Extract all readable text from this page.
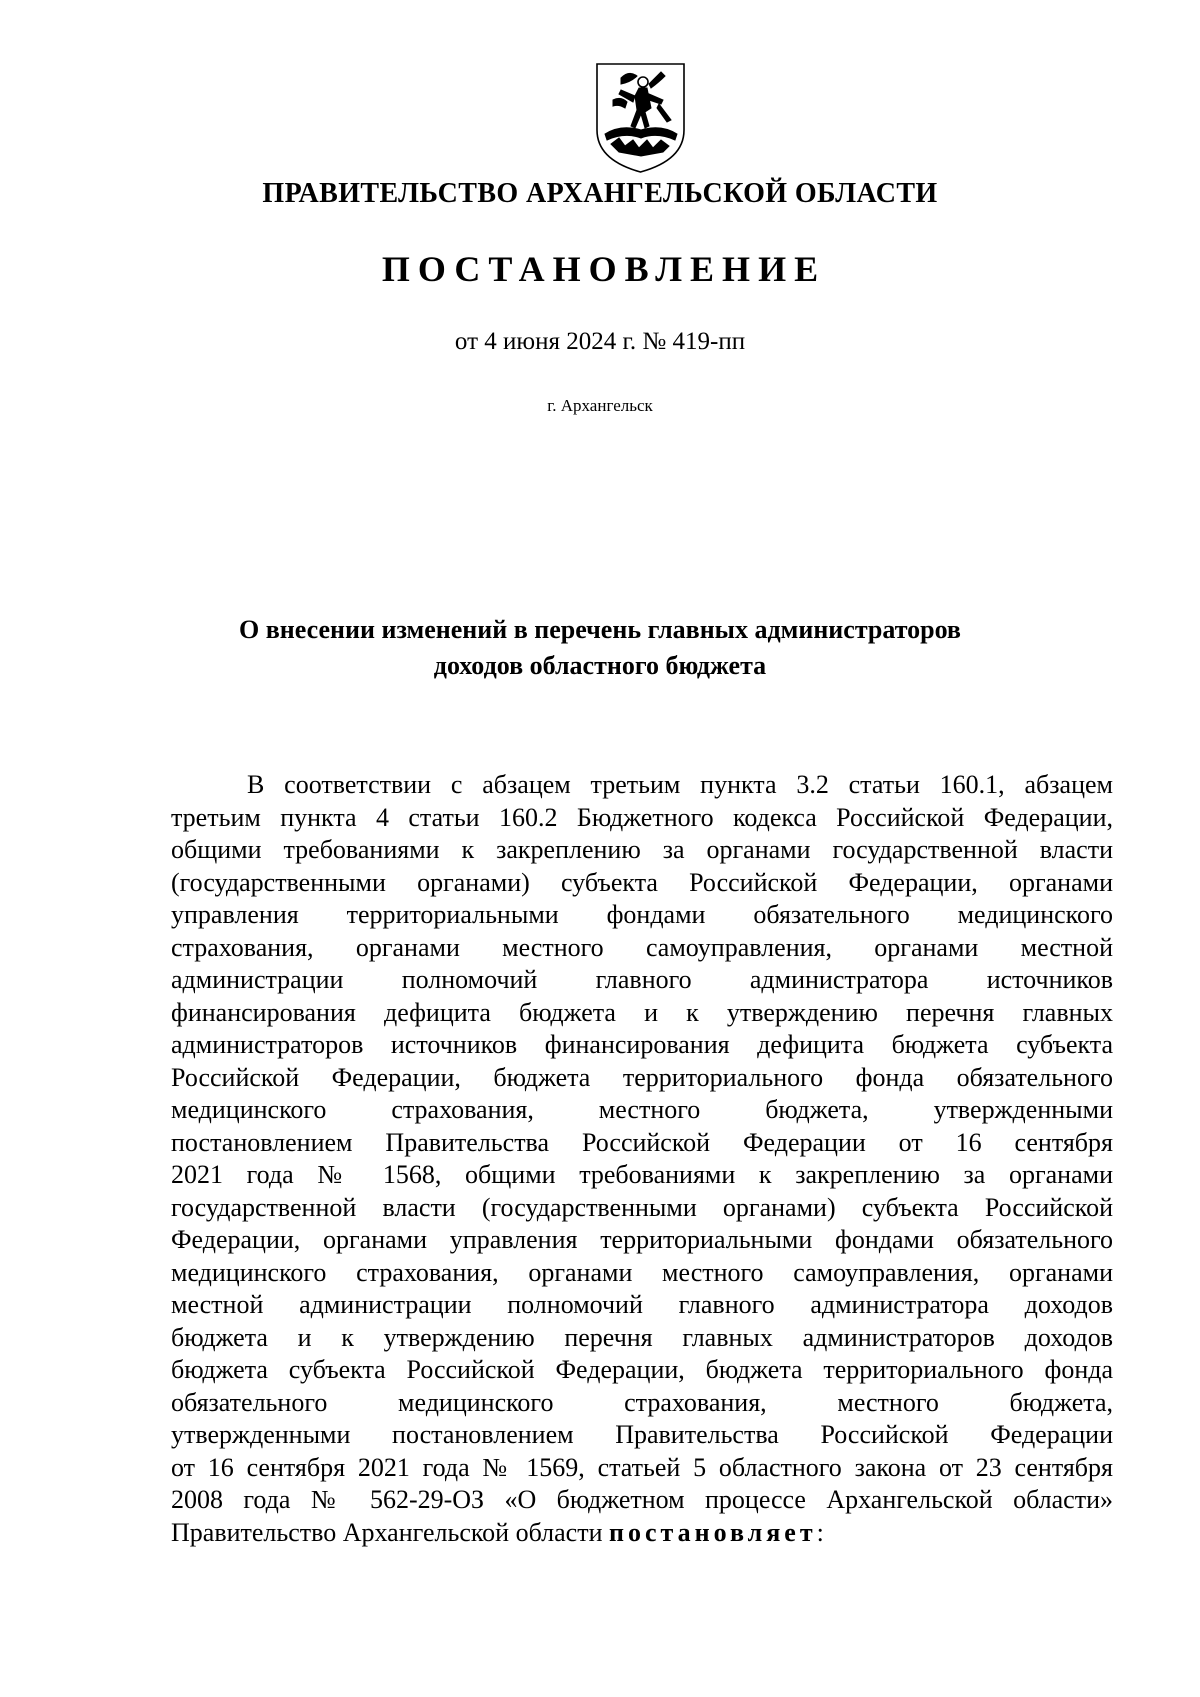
ПРАВИТЕЛЬСТВО АРХАНГЕЛЬСКОЙ ОБЛАСТИ
ПОСТАНОВЛЕНИЕ
от 4 июня 2024 г. № 419-пп
г. Архангельск
О внесении изменений в перечень главных администраторов
доходов областного бюджета
В соответствии с абзацем третьим пункта 3.2 статьи 160.1, абзацем
третьим пункта 4 статьи 160.2 Бюджетного кодекса Российской Федерации,
общими требованиями к закреплению за органами государственной власти
(государственными органами) субъекта Российской Федерации, органами
управления территориальными фондами обязательного медицинского
страхования, органами местного самоуправления, органами местной
администрации полномочий главного администратора источников
финансирования дефицита бюджета и к утверждению перечня главных
администраторов источников финансирования дефицита бюджета субъекта
Российской Федерации, бюджета территориального фонда обязательного
медицинского страхования, местного бюджета, утвержденными
постановлением Правительства Российской Федерации от 16 сентября
2021 года № 1568, общими требованиями к закреплению за органами
государственной власти (государственными органами) субъекта Российской
Федерации, органами управления территориальными фондами обязательного
медицинского страхования, органами местного самоуправления, органами
местной администрации полномочий главного администратора доходов
бюджета и к утверждению перечня главных администраторов доходов
бюджета субъекта Российской Федерации, бюджета территориального фонда
обязательного медицинского страхования, местного бюджета,
утвержденными постановлением Правительства Российской Федерации
от 16 сентября 2021 года № 1569, статьей 5 областного закона от 23 сентября
2008 года № 562-29-ОЗ «О бюджетном процессе Архангельской области»
Правительство Архангельской области постановляет:
